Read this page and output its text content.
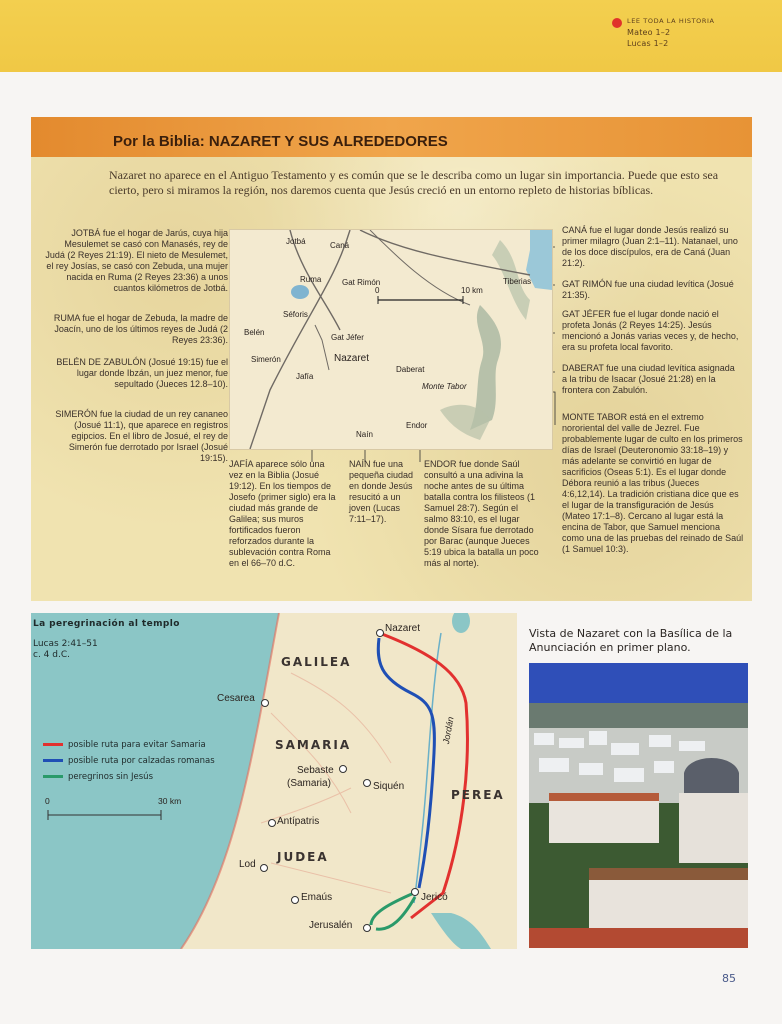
LEE TODA LA HISTORIA
Mateo 1–2
Lucas 1–2
Por la Biblia: NAZARET Y SUS ALREDEDORES
Nazaret no aparece en el Antiguo Testamento y es común que se le describa como un lugar sin importancia. Puede que esto sea cierto, pero si miramos la región, nos daremos cuenta que Jesús creció en un entorno repleto de historias bíblicas.
JOTBÁ fue el hogar de Jarús, cuya hija Mesulemet se casó con Manasés, rey de Judá (2 Reyes 21:19). El nieto de Mesulemet, el rey Josías, se casó con Zebuda, una mujer nacida en Ruma (2 Reyes 23:36) a unos cuantos kilómetros de Jotbá.
RUMA fue el hogar de Zebuda, la madre de Joacín, uno de los últimos reyes de Judá (2 Reyes 23:36).
BELÉN DE ZABULÓN (Josué 19:15) fue el lugar donde Ibzán, un juez menor, fue sepultado (Jueces 12.8–10).
SIMERÓN fue la ciudad de un rey cananeo (Josué 11:1), que aparece en registros egipcios. En el libro de Josué, el rey de Simerón fue derrotado por Israel (Josué 19:15).
CANÁ fue el lugar donde Jesús realizó su primer milagro (Juan 2:1–11). Natanael, uno de los doce discípulos, era de Caná (Juan 21:2).
GAT RIMÓN fue una ciudad levítica (Josué 21:35).
GAT JÉFER fue el lugar donde nació el profeta Jonás (2 Reyes 14:25). Jesús mencionó a Jonás varias veces y, de hecho, era su profeta local favorito.
DABERAT fue una ciudad levítica asignada a la tribu de Isacar (Josué 21:28) en la frontera con Zabulón.
MONTE TABOR está en el extremo nororiental del valle de Jezrel. Fue probablemente lugar de culto en los primeros días de Israel (Deuteronomio 33:18–19) y más adelante se convirtió en lugar de sacrificios (Oseas 5:1). Es el lugar donde Débora reunió a las tribus (Jueces 4:6,12,14). La tradición cristiana dice que es el lugar de la transfiguración de Jesús (Mateo 17:1–8). Cercano al lugar está la encina de Tabor, que Samuel menciona como una de las pruebas del reinado de Saúl (1 Samuel 10:3).
JAFÍA aparece sólo una vez en la Biblia (Josué 19:12). En los tiempos de Josefo (primer siglo) era la ciudad más grande de Galilea; sus muros fortificados fueron reforzados durante la sublevación contra Roma en el 66–70 d.C.
NAÍN fue una pequeña ciudad en donde Jesús resucitó a un joven (Lucas 7:11–17).
ENDOR fue donde Saúl consultó a una adivina la noche antes de su última batalla contra los filisteos (1 Samuel 28:7). Según el salmo 83:10, es el lugar donde Sísara fue derrotado por Barac (aunque Jueces 5:19 ubica la batalla un poco más al norte).
Jotbá	Caná
Ruma	Gat Rimón	Tiberias
Séforis
Belén
Gat Jéfer
Simerón	Nazaret
Jafía
Daberat
Monte Tabor
Endor
Naín
0	10 km
La peregrinación al templo
Lucas 2:41–51
c. 4 d.C.
posible ruta para evitar Samaria
posible ruta por calzadas romanas
peregrinos sin Jesús
0	30 km
GALILEA
SAMARIA
JUDEA
PEREA
Jordán
Nazaret
Cesarea
Sebaste
(Samaria)	Siquén
Antípatris
Lod
Emaús	Jericó
Jerusalén
Vista de Nazaret con la Basílica de la Anunciación en primer plano.
85
